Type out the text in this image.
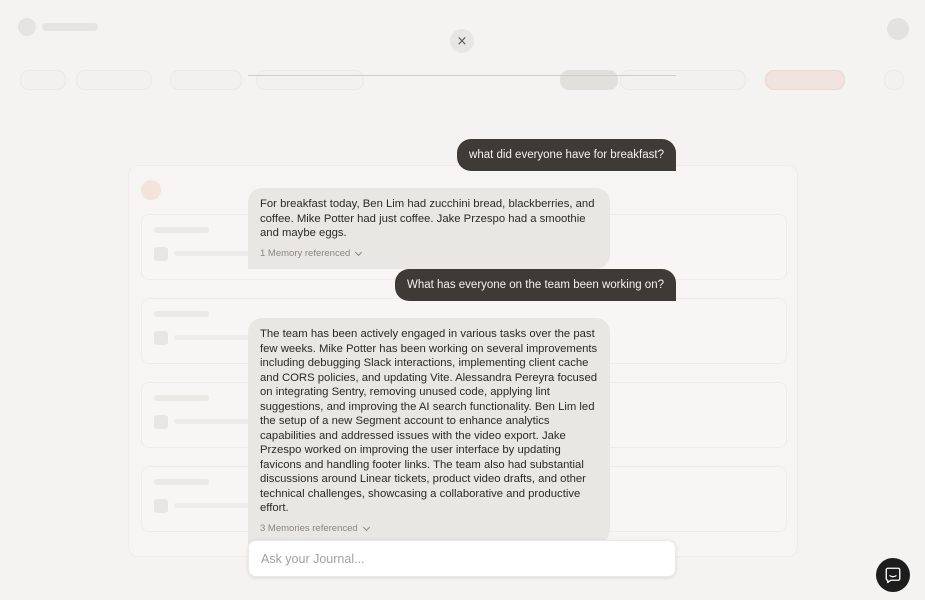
×
what did everyone have for breakfast?

For breakfast today, Ben Lim had zucchini bread, blackberries, and coffee. Mike Potter had just coffee. Jake Przespo had a smoothie and maybe eggs.

1 Memory referenced
What has everyone on the team been working on?

The team has been actively engaged in various tasks over the past few weeks. Mike Potter has been working on several improvements including debugging Slack interactions, implementing client cache and CORS policies, and updating Vite. Alessandra Pereyra focused on integrating Sentry, removing unused code, applying lint suggestions, and improving the AI search functionality. Ben Lim led the setup of a new Segment account to enhance analytics capabilities and addressed issues with the video export. Jake Przespo worked on improving the user interface by updating favicons and handling footer links. The team also had substantial discussions around Linear tickets, product video drafts, and other technical challenges, showcasing a collaborative and productive effort.

3 Memories referenced
Ask your Journal...
